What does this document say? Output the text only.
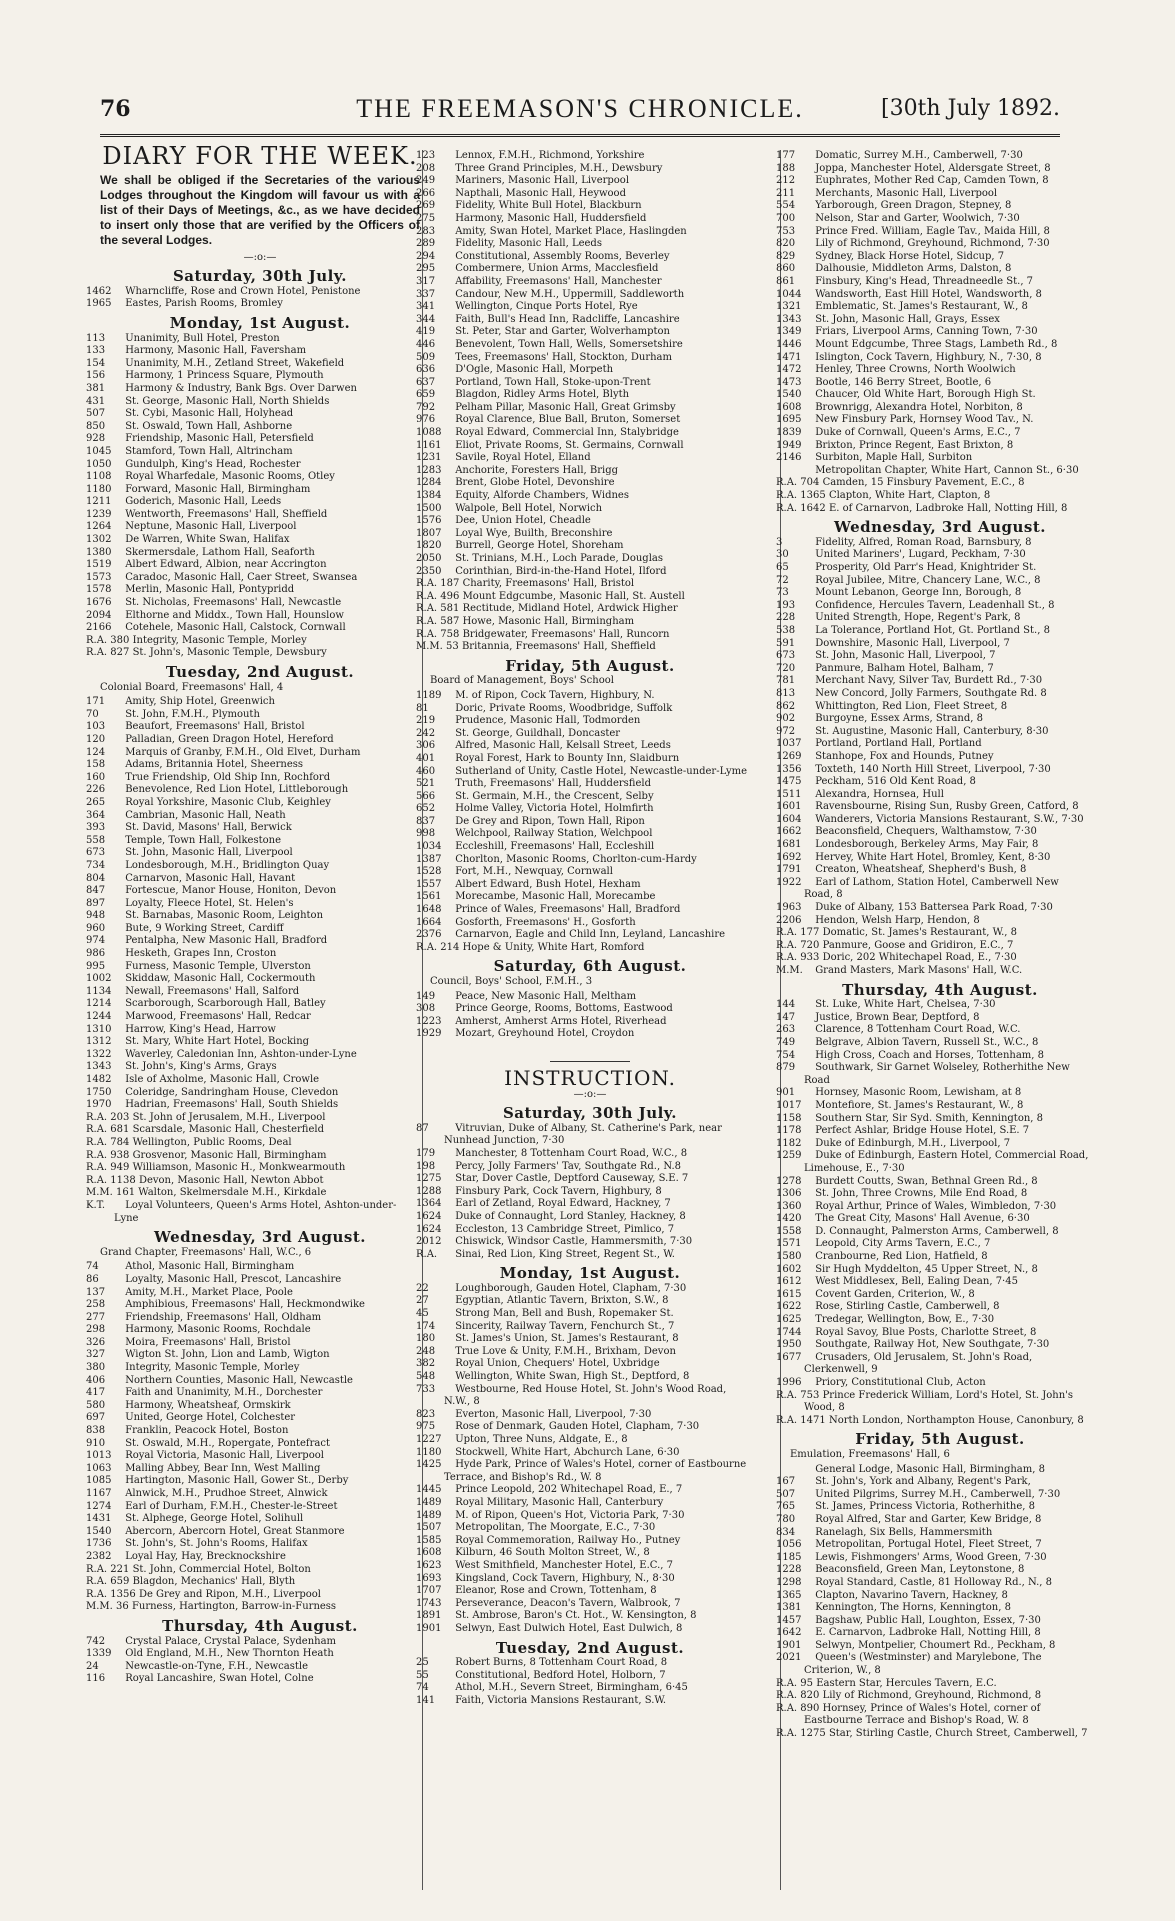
76	THE FREEMASON'S CHRONICLE.	[30th July 1892.
DIARY FOR THE WEEK.

We shall be obliged if the Secretaries of the various Lodges throughout the Kingdom will favour us with a list of their Days of Meetings, &c., as we have decided to insert only those that are verified by the Officers of the several Lodges.

—:o:—
Saturday, 30th July.

1462 Wharncliffe, Rose and Crown Hotel, Penistone

1965 Eastes, Parish Rooms, Bromley

Monday, 1st August.

113 Unanimity, Bull Hotel, Preston

133 Harmony, Masonic Hall, Faversham

154 Unanimity, M.H., Zetland Street, Wakefield

156 Harmony, 1 Princess Square, Plymouth

381 Harmony & Industry, Bank Bgs. Over Darwen

431 St. George, Masonic Hall, North Shields

507 St. Cybi, Masonic Hall, Holyhead

850 St. Oswald, Town Hall, Ashborne

928 Friendship, Masonic Hall, Petersfield

1045 Stamford, Town Hall, Altrincham

1050 Gundulph, King's Head, Rochester

1108 Royal Wharfedale, Masonic Rooms, Otley

1180 Forward, Masonic Hall, Birmingham

1211 Goderich, Masonic Hall, Leeds

1239 Wentworth, Freemasons' Hall, Sheffield

1264 Neptune, Masonic Hall, Liverpool

1302 De Warren, White Swan, Halifax

1380 Skermersdale, Lathom Hall, Seaforth

1519 Albert Edward, Albion, near Accrington

1573 Caradoc, Masonic Hall, Caer Street, Swansea

1578 Merlin, Masonic Hall, Pontypridd

1676 St. Nicholas, Freemasons' Hall, Newcastle

2094 Elthorne and Middx., Town Hall, Hounslow

2166 Cotehele, Masonic Hall, Calstock, Cornwall

R.A. 380 Integrity, Masonic Temple, Morley

R.A. 827 St. John's, Masonic Temple, Dewsbury

Tuesday, 2nd August.

Colonial Board, Freemasons' Hall, 4

171 Amity, Ship Hotel, Greenwich

70	St. John, F.M.H., Plymouth

103 Beaufort, Freemasons' Hall, Bristol

120 Palladian, Green Dragon Hotel, Hereford

124 Marquis of Granby, F.M.H., Old Elvet, Durham

158 Adams, Britannia Hotel, Sheerness

160 True Friendship, Old Ship Inn, Rochford

226 Benevolence, Red Lion Hotel, Littleborough

265 Royal Yorkshire, Masonic Club, Keighley

364 Cambrian, Masonic Hall, Neath

393 St. David, Masons' Hall, Berwick

558 Temple, Town Hall, Folkestone

673 St. John, Masonic Hall, Liverpool

734 Londesborough, M.H., Bridlington Quay

804 Carnarvon, Masonic Hall, Havant

847 Fortescue, Manor House, Honiton, Devon

897 Loyalty, Fleece Hotel, St. Helen's

948 St. Barnabas, Masonic Room, Leighton

960 Bute, 9 Working Street, Cardiff

974 Pentalpha, New Masonic Hall, Bradford

986 Hesketh, Grapes Inn, Croston

995 Furness, Masonic Temple, Ulverston

1002 Skiddaw, Masonic Hall, Cockermouth

1134 Newall, Freemasons' Hall, Salford

1214 Scarborough, Scarborough Hall, Batley

1244 Marwood, Freemasons' Hall, Redcar

1310 Harrow, King's Head, Harrow

1312 St. Mary, White Hart Hotel, Bocking

1322 Waverley, Caledonian Inn, Ashton-under-Lyne

1343 St. John's, King's Arms, Grays

1482 Isle of Axholme, Masonic Hall, Crowle

1750 Coleridge, Sandringham House, Clevedon

1970 Hadrian, Freemasons' Hall, South Shields

R.A. 203 St. John of Jerusalem, M.H., Liverpool

R.A. 681 Scarsdale, Masonic Hall, Chesterfield

R.A. 784 Wellington, Public Rooms, Deal

R.A. 938 Grosvenor, Masonic Hall, Birmingham

R.A. 949 Williamson, Masonic H., Monkwearmouth

R.A. 1138 Devon, Masonic Hall, Newton Abbot

M.M. 161 Walton, Skelmersdale M.H., Kirkdale

K.T. Loyal Volunteers, Queen's Arms Hotel, Ashton-under-Lyne

Wednesday, 3rd August.

Grand Chapter, Freemasons' Hall, W.C., 6

74	Athol, Masonic Hall, Birmingham

86	Loyalty, Masonic Hall, Prescot, Lancashire

137 Amity, M.H., Market Place, Poole

258 Amphibious, Freemasons' Hall, Heckmondwike

277 Friendship, Freemasons' Hall, Oldham

298 Harmony, Masonic Rooms, Rochdale

326 Moira, Freemasons' Hall, Bristol

327 Wigton St. John, Lion and Lamb, Wigton

380 Integrity, Masonic Temple, Morley

406 Northern Counties, Masonic Hall, Newcastle

417 Faith and Unanimity, M.H., Dorchester

580 Harmony, Wheatsheaf, Ormskirk

697 United, George Hotel, Colchester

838 Franklin, Peacock Hotel, Boston

910 St. Oswald, M.H., Ropergate, Pontefract

1013 Royal Victoria, Masonic Hall, Liverpool

1063 Malling Abbey, Bear Inn, West Malling

1085 Hartington, Masonic Hall, Gower St., Derby

1167 Alnwick, M.H., Prudhoe Street, Alnwick

1274 Earl of Durham, F.M.H., Chester-le-Street

1431 St. Alphege, George Hotel, Solihull

1540 Abercorn, Abercorn Hotel, Great Stanmore

1736 St. John's, St. John's Rooms, Halifax

2382 Loyal Hay, Hay, Brecknockshire

R.A. 221 St. John, Commercial Hotel, Bolton

R.A. 659 Blagdon, Mechanics' Hall, Blyth

R.A. 1356 De Grey and Ripon, M.H., Liverpool

M.M. 36 Furness, Hartington, Barrow-in-Furness

Thursday, 4th August.

742 Crystal Palace, Crystal Palace, Sydenham

1339 Old England, M.H., New Thornton Heath

24	Newcastle-on-Tyne, F.H., Newcastle

116 Royal Lancashire, Swan Hotel, Colne

123 Lennox, F.M.H., Richmond, Yorkshire

208 Three Grand Principles, M.H., Dewsbury

249 Mariners, Masonic Hall, Liverpool

266 Napthali, Masonic Hall, Heywood

269 Fidelity, White Bull Hotel, Blackburn

275 Harmony, Masonic Hall, Huddersfield

283 Amity, Swan Hotel, Market Place, Haslingden

289 Fidelity, Masonic Hall, Leeds

294 Constitutional, Assembly Rooms, Beverley

295 Combermere, Union Arms, Macclesfield

317 Affability, Freemasons' Hall, Manchester

337 Candour, New M.H., Uppermill, Saddleworth

341 Wellington, Cinque Ports Hotel, Rye

344 Faith, Bull's Head Inn, Radcliffe, Lancashire

419 St. Peter, Star and Garter, Wolverhampton

446 Benevolent, Town Hall, Wells, Somersetshire

509 Tees, Freemasons' Hall, Stockton, Durham

636 D'Ogle, Masonic Hall, Morpeth

637 Portland, Town Hall, Stoke-upon-Trent

659 Blagdon, Ridley Arms Hotel, Blyth

792 Pelham Pillar, Masonic Hall, Great Grimsby

976 Royal Clarence, Blue Ball, Bruton, Somerset

1088 Royal Edward, Commercial Inn, Stalybridge

1161 Eliot, Private Rooms, St. Germains, Cornwall

1231 Savile, Royal Hotel, Elland

1283 Anchorite, Foresters Hall, Brigg

1284 Brent, Globe Hotel, Devonshire

1384 Equity, Alforde Chambers, Widnes

1500 Walpole, Bell Hotel, Norwich

1576 Dee, Union Hotel, Cheadle

1807 Loyal Wye, Builth, Breconshire

1820 Burrell, George Hotel, Shoreham

2050 St. Trinians, M.H., Loch Parade, Douglas

2350 Corinthian, Bird-in-the-Hand Hotel, Ilford

R.A. 187 Charity, Freemasons' Hall, Bristol

R.A. 496 Mount Edgcumbe, Masonic Hall, St. Austell

R.A. 581 Rectitude, Midland Hotel, Ardwick Higher

R.A. 587 Howe, Masonic Hall, Birmingham

R.A. 758 Bridgewater, Freemasons' Hall, Runcorn

M.M. 53 Britannia, Freemasons' Hall, Sheffield

Friday, 5th August.

Board of Management, Boys' School

1189 M. of Ripon, Cock Tavern, Highbury, N.

81	Doric, Private Rooms, Woodbridge, Suffolk

219 Prudence, Masonic Hall, Todmorden

242 St. George, Guildhall, Doncaster

306 Alfred, Masonic Hall, Kelsall Street, Leeds

401 Royal Forest, Hark to Bounty Inn, Slaidburn

460 Sutherland of Unity, Castle Hotel, Newcastle-under-Lyme

521 Truth, Freemasons' Hall, Huddersfield

566 St. Germain, M.H., the Crescent, Selby

652 Holme Valley, Victoria Hotel, Holmfirth

837 De Grey and Ripon, Town Hall, Ripon

998 Welchpool, Railway Station, Welchpool

1034 Eccleshill, Freemasons' Hall, Eccleshill

1387 Chorlton, Masonic Rooms, Chorlton-cum-Hardy

1528 Fort, M.H., Newquay, Cornwall

1557 Albert Edward, Bush Hotel, Hexham

1561 Morecambe, Masonic Hall, Morecambe

1648 Prince of Wales, Freemasons' Hall, Bradford

1664 Gosforth, Freemasons' H., Gosforth

2376 Carnarvon, Eagle and Child Inn, Leyland, Lancashire

R.A. 214 Hope & Unity, White Hart, Romford

Saturday, 6th August.

Council, Boys' School, F.M.H., 3

149 Peace, New Masonic Hall, Meltham

308 Prince George, Rooms, Bottoms, Eastwood

1223 Amherst, Amherst Arms Hotel, Riverhead

1929 Mozart, Greyhound Hotel, Croydon

INSTRUCTION.
—:o:—
Saturday, 30th July.

87	Vitruvian, Duke of Albany, St. Catherine's Park, near Nunhead Junction, 7·30

179 Manchester, 8 Tottenham Court Road, W.C., 8

198 Percy, Jolly Farmers' Tav, Southgate Rd., N.8

1275 Star, Dover Castle, Deptford Causeway, S.E. 7

1288 Finsbury Park, Cock Tavern, Highbury, 8

1364 Earl of Zetland, Royal Edward, Hackney, 7

1624 Duke of Connaught, Lord Stanley, Hackney, 8

1624 Eccleston, 13 Cambridge Street, Pimlico, 7

2012 Chiswick, Windsor Castle, Hammersmith, 7·30

R.A. Sinai, Red Lion, King Street, Regent St., W.

Monday, 1st August.

22	Loughborough, Gauden Hotel, Clapham, 7·30

27	Egyptian, Atlantic Tavern, Brixton, S.W., 8

45	Strong Man, Bell and Bush, Ropemaker St.

174 Sincerity, Railway Tavern, Fenchurch St., 7

180 St. James's Union, St. James's Restaurant, 8

248 True Love & Unity, F.M.H., Brixham, Devon

382 Royal Union, Chequers' Hotel, Uxbridge

548 Wellington, White Swan, High St., Deptford, 8

733 Westbourne, Red House Hotel, St. John's Wood Road, N.W., 8

823 Everton, Masonic Hall, Liverpool, 7·30

975 Rose of Denmark, Gauden Hotel, Clapham, 7·30

1227 Upton, Three Nuns, Aldgate, E., 8

1180 Stockwell, White Hart, Abchurch Lane, 6·30

1425 Hyde Park, Prince of Wales's Hotel, corner of Eastbourne Terrace, and Bishop's Rd., W. 8

1445 Prince Leopold, 202 Whitechapel Road, E., 7

1489 Royal Military, Masonic Hall, Canterbury

1489 M. of Ripon, Queen's Hot, Victoria Park, 7·30

1507 Metropolitan, The Moorgate, E.C., 7·30

1585 Royal Commemoration, Railway Ho., Putney

1608 Kilburn, 46 South Molton Street, W., 8

1623 West Smithfield, Manchester Hotel, E.C., 7

1693 Kingsland, Cock Tavern, Highbury, N., 8·30

1707 Eleanor, Rose and Crown, Tottenham, 8

1743 Perseverance, Deacon's Tavern, Walbrook, 7

1891 St. Ambrose, Baron's Ct. Hot., W. Kensington, 8

1901 Selwyn, East Dulwich Hotel, East Dulwich, 8

Tuesday, 2nd August.

25	Robert Burns, 8 Tottenham Court Road, 8

55	Constitutional, Bedford Hotel, Holborn, 7

74	Athol, M.H., Severn Street, Birmingham, 6·45

141 Faith, Victoria Mansions Restaurant, S.W.

177 Domatic, Surrey M.H., Camberwell, 7·30

188 Joppa, Manchester Hotel, Aldersgate Street, 8

212 Euphrates, Mother Red Cap, Camden Town, 8

211 Merchants, Masonic Hall, Liverpool

554 Yarborough, Green Dragon, Stepney, 8

700 Nelson, Star and Garter, Woolwich, 7·30

753 Prince Fred. William, Eagle Tav., Maida Hill, 8

820 Lily of Richmond, Greyhound, Richmond, 7·30

829 Sydney, Black Horse Hotel, Sidcup, 7

860 Dalhousie, Middleton Arms, Dalston, 8

861 Finsbury, King's Head, Threadneedle St., 7

1044 Wandsworth, East Hill Hotel, Wandsworth, 8

1321 Emblematic, St. James's Restaurant, W., 8

1343 St. John, Masonic Hall, Grays, Essex

1349 Friars, Liverpool Arms, Canning Town, 7·30

1446 Mount Edgcumbe, Three Stags, Lambeth Rd., 8

1471 Islington, Cock Tavern, Highbury, N., 7·30, 8

1472 Henley, Three Crowns, North Woolwich

1473 Bootle, 146 Berry Street, Bootle, 6

1540 Chaucer, Old White Hart, Borough High St.

1608 Brownrigg, Alexandra Hotel, Norbiton, 8

1695 New Finsbury Park, Hornsey Wood Tav., N.

1839 Duke of Cornwall, Queen's Arms, E.C., 7

1949 Brixton, Prince Regent, East Brixton, 8

2146 Surbiton, Maple Hall, Surbiton

Metropolitan Chapter, White Hart, Cannon St., 6·30

R.A. 704 Camden, 15 Finsbury Pavement, E.C., 8

R.A. 1365 Clapton, White Hart, Clapton, 8

R.A. 1642 E. of Carnarvon, Ladbroke Hall, Notting Hill, 8

Wednesday, 3rd August.

3	Fidelity, Alfred, Roman Road, Barnsbury, 8

30	United Mariners', Lugard, Peckham, 7·30

65	Prosperity, Old Parr's Head, Knightrider St.

72	Royal Jubilee, Mitre, Chancery Lane, W.C., 8

73	Mount Lebanon, George Inn, Borough, 8

193 Confidence, Hercules Tavern, Leadenhall St., 8

228 United Strength, Hope, Regent's Park, 8

538 La Tolerance, Portland Hot, Gt. Portland St., 8

591 Downshire, Masonic Hall, Liverpool, 7

673 St. John, Masonic Hall, Liverpool, 7

720 Panmure, Balham Hotel, Balham, 7

781 Merchant Navy, Silver Tav, Burdett Rd., 7·30

813 New Concord, Jolly Farmers, Southgate Rd. 8

862 Whittington, Red Lion, Fleet Street, 8

902 Burgoyne, Essex Arms, Strand, 8

972 St. Augustine, Masonic Hall, Canterbury, 8·30

1037 Portland, Portland Hall, Portland

1269 Stanhope, Fox and Hounds, Putney

1356 Toxteth, 140 North Hill Street, Liverpool, 7·30

1475 Peckham, 516 Old Kent Road, 8

1511 Alexandra, Hornsea, Hull

1601 Ravensbourne, Rising Sun, Rusby Green, Catford, 8

1604 Wanderers, Victoria Mansions Restaurant, S.W., 7·30

1662 Beaconsfield, Chequers, Walthamstow, 7·30

1681 Londesborough, Berkeley Arms, May Fair, 8

1692 Hervey, White Hart Hotel, Bromley, Kent, 8·30

1791 Creaton, Wheatsheaf, Shepherd's Bush, 8

1922 Earl of Lathom, Station Hotel, Camberwell New Road, 8

1963 Duke of Albany, 153 Battersea Park Road, 7·30

2206 Hendon, Welsh Harp, Hendon, 8

R.A. 177 Domatic, St. James's Restaurant, W., 8

R.A. 720 Panmure, Goose and Gridiron, E.C., 7

R.A. 933 Doric, 202 Whitechapel Road, E., 7·30

M.M. Grand Masters, Mark Masons' Hall, W.C.

Thursday, 4th August.

144 St. Luke, White Hart, Chelsea, 7·30

147 Justice, Brown Bear, Deptford, 8

263 Clarence, 8 Tottenham Court Road, W.C.

749 Belgrave, Albion Tavern, Russell St., W.C., 8

754 High Cross, Coach and Horses, Tottenham, 8

879 Southwark, Sir Garnet Wolseley, Rotherhithe New Road

901 Hornsey, Masonic Room, Lewisham, at 8

1017 Montefiore, St. James's Restaurant, W., 8

1158 Southern Star, Sir Syd. Smith, Kennington, 8

1178 Perfect Ashlar, Bridge House Hotel, S.E. 7

1182 Duke of Edinburgh, M.H., Liverpool, 7

1259 Duke of Edinburgh, Eastern Hotel, Commercial Road, Limehouse, E., 7·30

1278 Burdett Coutts, Swan, Bethnal Green Rd., 8

1306 St. John, Three Crowns, Mile End Road, 8

1360 Royal Arthur, Prince of Wales, Wimbledon, 7·30

1420 The Great City, Masons' Hall Avenue, 6·30

1558 D. Connaught, Palmerston Arms, Camberwell, 8

1571 Leopold, City Arms Tavern, E.C., 7

1580 Cranbourne, Red Lion, Hatfield, 8

1602 Sir Hugh Myddelton, 45 Upper Street, N., 8

1612 West Middlesex, Bell, Ealing Dean, 7·45

1615 Covent Garden, Criterion, W., 8

1622 Rose, Stirling Castle, Camberwell, 8

1625 Tredegar, Wellington, Bow, E., 7·30

1744 Royal Savoy, Blue Posts, Charlotte Street, 8

1950 Southgate, Railway Hot, New Southgate, 7·30

1677 Crusaders, Old Jerusalem, St. John's Road, Clerkenwell, 9

1996 Priory, Constitutional Club, Acton

R.A. 753 Prince Frederick William, Lord's Hotel, St. John's Wood, 8

R.A. 1471 North London, Northampton House, Canonbury, 8

Friday, 5th August.

Emulation, Freemasons' Hall, 6

General Lodge, Masonic Hall, Birmingham, 8

167 St. John's, York and Albany, Regent's Park,

507 United Pilgrims, Surrey M.H., Camberwell, 7·30

765 St. James, Princess Victoria, Rotherhithe, 8

780 Royal Alfred, Star and Garter, Kew Bridge, 8

834 Ranelagh, Six Bells, Hammersmith

1056 Metropolitan, Portugal Hotel, Fleet Street, 7

1185 Lewis, Fishmongers' Arms, Wood Green, 7·30

1228 Beaconsfield, Green Man, Leytonstone, 8

1298 Royal Standard, Castle, 81 Holloway Rd., N., 8

1365 Clapton, Navarino Tavern, Hackney, 8

1381 Kennington, The Horns, Kennington, 8

1457 Bagshaw, Public Hall, Loughton, Essex, 7·30

1642 E. Carnarvon, Ladbroke Hall, Notting Hill, 8

1901 Selwyn, Montpelier, Choumert Rd., Peckham, 8

2021 Queen's (Westminster) and Marylebone, The Criterion, W., 8

R.A. 95 Eastern Star, Hercules Tavern, E.C.

R.A. 820 Lily of Richmond, Greyhound, Richmond, 8

R.A. 890 Hornsey, Prince of Wales's Hotel, corner of Eastbourne Terrace and Bishop's Road, W. 8

R.A. 1275 Star, Stirling Castle, Church Street, Camberwell, 7
